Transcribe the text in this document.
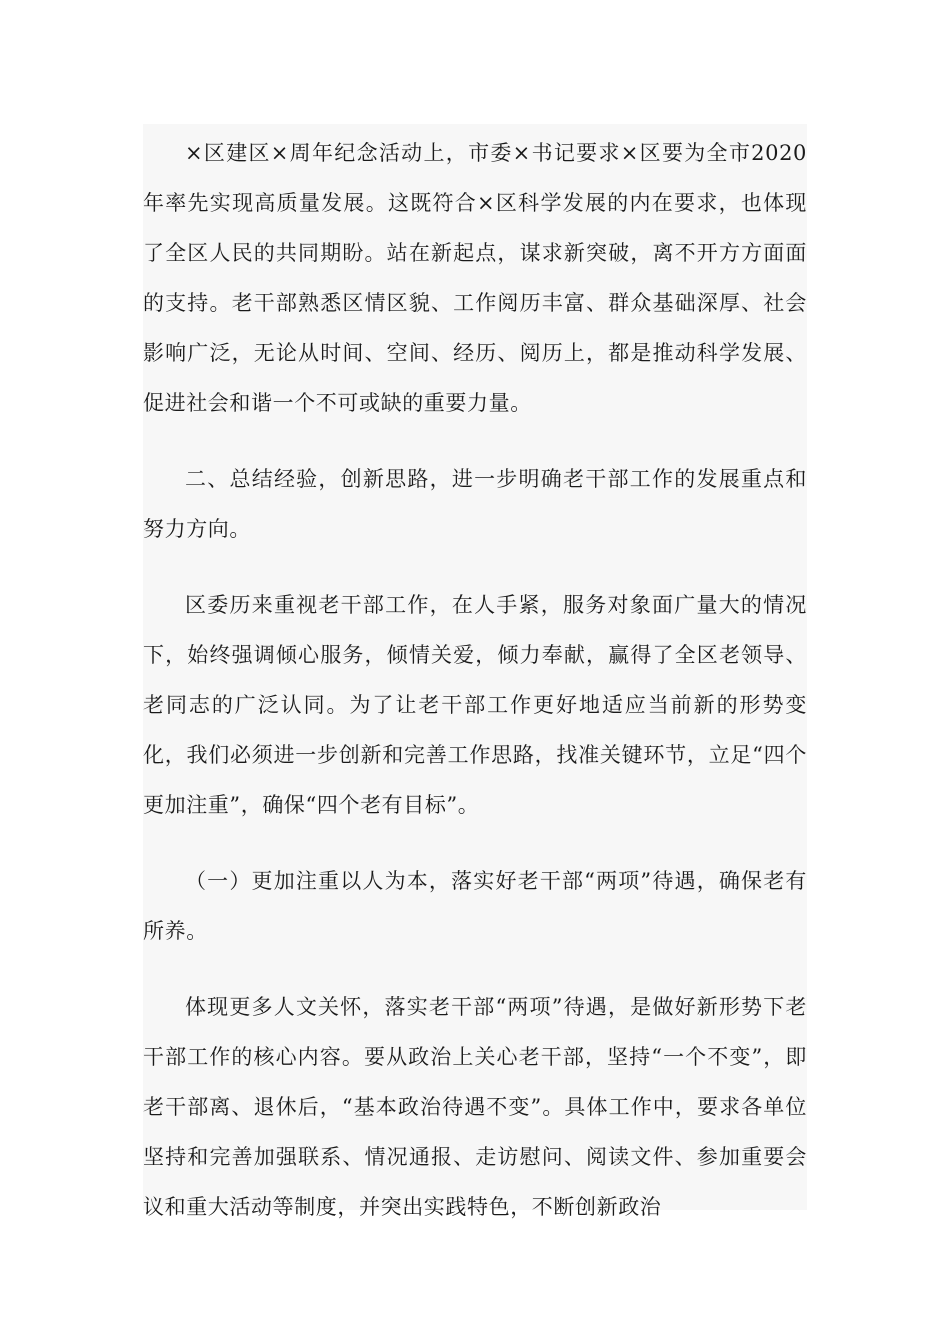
×区建区×周年纪念活动上，市委×书记要求×区要为全市2020年率先实现高质量发展。这既符合×区科学发展的内在要求，也体现了全区人民的共同期盼。站在新起点，谋求新突破，离不开方方面面的支持。老干部熟悉区情区貌、工作阅历丰富、群众基础深厚、社会影响广泛，无论从时间、空间、经历、阅历上，都是推动科学发展、促进社会和谐一个不可或缺的重要力量。

二、总结经验，创新思路，进一步明确老干部工作的发展重点和努力方向。

区委历来重视老干部工作，在人手紧，服务对象面广量大的情况下，始终强调倾心服务，倾情关爱，倾力奉献，赢得了全区老领导、老同志的广泛认同。为了让老干部工作更好地适应当前新的形势变化，我们必须进一步创新和完善工作思路，找准关键环节，立足“四个更加注重”，确保“四个老有目标”。

（一）更加注重以人为本，落实好老干部“两项”待遇，确保老有所养。

体现更多人文关怀，落实老干部“两项”待遇，是做好新形势下老干部工作的核心内容。要从政治上关心老干部，坚持“一个不变”，即老干部离、退休后，“基本政治待遇不变”。具体工作中，要求各单位坚持和完善加强联系、情况通报、走访慰问、阅读文件、参加重要会议和重大活动等制度，并突出实践特色，不断创新政治
